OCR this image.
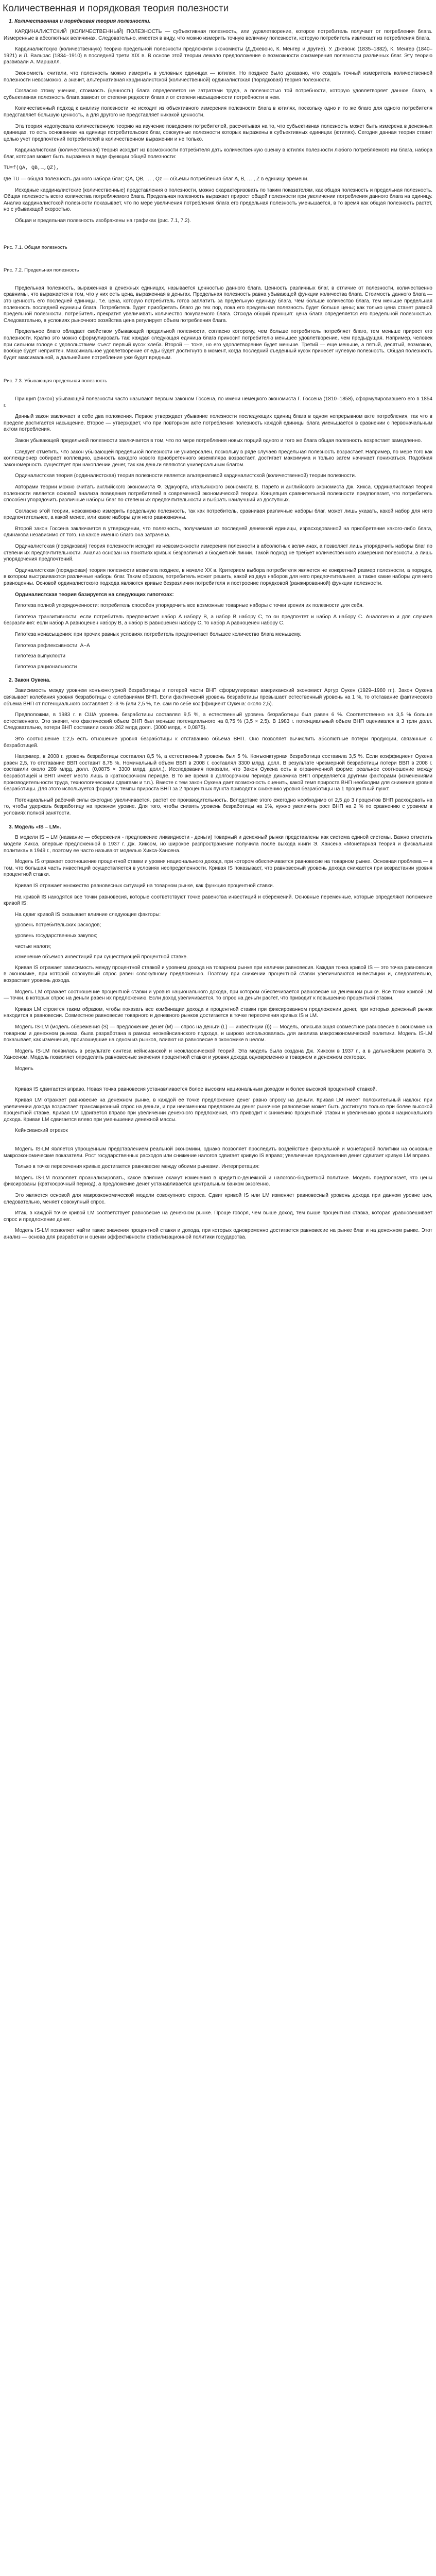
Количественная и порядковая теория полезности
1. Количественная и порядковая теория полезности.

КАРДИНАЛИСТСКИЙ (КОЛИЧЕСТВЕННЫЙ) ПОЛЕЗНОСТЬ — субъективная полезность, или удовлетворение, которое потребитель получает от потребления блага. Измеренные в абсолютных величинах. Следовательно, имеется в виду, что можно измерить точную величину полезности, которую потребитель извлекает из потребления блага.

Кардиналистскую (количественную) теорию предельной полезности предложили экономисты (Д.Джевонс, К. Менгер и другие). У. Джевонс (1835–1882), К. Менгер (1840–1921) и Л. Вальрас (1834–1910) в последней трети XIX в. В основе этой теории лежало предположение о возможности соизмерения полезности различных благ. Эту теорию развивали А. Маршалл.

Экономисты считали, что полезность можно измерить в условных единицах — ютилях. Но позднее было доказано, что создать точный измеритель количественной полезности невозможно, а значит, альтернативная кардиналистской (количественной) ординалистская (порядковая) теория полезности.

Согласно этому учению, стоимость (ценность) блага определяется не затратами труда, а полезностью той потребности, которую удовлетворяет данное благо, а субъективная полезность блага зависит от степени редкости блага и от степени насыщенности потребности в нем.

Количественный подход к анализу полезности не исходит из объективного измерения полезности блага в ютилях, поскольку одно и то же благо для одного потребителя представляет большую ценность, а для другого не представляет никакой ценности.

Эта теория недопускала количественную теорию на изучение поведения потребителей, рассчитывая на то, что субъективная полезность может быть измерена в денежных единицах, то есть основанная на единице потребительских благ, совокупные полезности которых выражены в субъективных единицах (ютилях). Сегодня данная теория ставит целью учет предпочтений потребителей в количественном выражении и не только.

Кардиналистская (количественная) теория исходит из возможности потребителя дать количественную оценку в ютилях полезности любого потребляемого им блага, набора благ, которая может быть выражена в виде функции общей полезности:

TU=f(QA, QB,…,QZ),

где TU — общая полезность данного набора благ; QA, QB, … , Qz — объемы потребления благ A, B, … , Z в единицу времени.

Исходные кардиналистские (количественные) представления о полезности, можно охарактеризовать по таким показателям, как общая полезность и предельная полезность. Общая полезность всего количества потребляемого блага. Предельная полезность выражает прирост общей полезности при увеличении потребления данного блага на единицу. Анализ кардиналистской полезности показывает, что по мере увеличения потребления блага его предельная полезность уменьшается, в то время как общая полезность растет, но с убывающей скоростью.

Общая и предельная полезность изображены на графиках (рис. 7.1, 7.2).

Рис. 7.1. Общая полезность
Рис. 7.2. Предельная полезность

Предельная полезность, выраженная в денежных единицах, называется ценностью данного блага. Ценность различных благ, в отличие от полезности, количественно сравнимы, что выражается в том, что у них есть цена, выраженная в деньгах. Предельная полезность равна убывающей функции количества блага. Стоимость данного блага — это ценность его последней единицы, т.е. цена, которую потребитель готов заплатить за предельную единицу блага. Чем больше количество блага, тем меньше предельная полезность последней единицы блага. Потребитель будет приобретать благо до тех пор, пока его предельная полезность будет больше цены; как только цена станет равной предельной полезности, потребитель прекратит увеличивать количество покупаемого блага. Отсюда общий принцип: цена блага определяется его предельной полезностью. Следовательно, в условиях рыночного хозяйства цена регулирует объем потребления блага.

Предельное благо обладает свойством убывающей предельной полезности, согласно которому, чем больше потребитель потребляет благо, тем меньше прирост его полезности. Кратко это можно сформулировать так: каждая следующая единица блага приносит потребителю меньшее удовлетворение, чем предыдущая. Например, человек при сильном голоде с удовольствием съест первый кусок хлеба. Второй — тоже, но его удовлетворение будет меньше. Третий — еще меньше, а пятый, десятый, возможно, вообще будет неприятен. Максимальное удовлетворение от еды будет достигнуто в момент, когда последний съеденный кусок принесет нулевую полезность. Общая полезность будет максимальной, а дальнейшее потребление уже будет вредным.

Рис. 7.3. Убывающая предельная полезность

Принцип (закон) убывающей полезности часто называют первым законом Госсена, по имени немецкого экономиста Г. Госсена (1810–1858), сформулировавшего его в 1854 г.

Данный закон заключает в себе два положения. Первое утверждает убывание полезности последующих единиц блага в одном непрерывном акте потребления, так что в пределе достигается насыщение. Второе — утверждает, что при повторном акте потребления полезность каждой единицы блага уменьшается в сравнении с первоначальным актом потребления.

Закон убывающей предельной полезности заключается в том, что по мере потребления новых порций одного и того же блага общая полезность возрастает замедленно.

Следует отметить, что закон убывающей предельной полезности не универсален, поскольку в ряде случаев предельная полезность возрастает. Например, по мере того как коллекционер собирает коллекцию, ценность каждого нового приобретенного экземпляра возрастает, достигает максимума и только затем начинает понижаться. Подобная закономерность существует при накоплении денег, так как деньги являются универсальным благом.

Ординалистская теория (ординалистская) теория полезности является альтернативой кардиналистской (количественной) теории полезности.

Авторами теории можно считать английского экономиста Ф. Эджуорта, итальянского экономиста В. Парето и английского экономиста Дж. Хикса. Ординалистская теория полезности является основой анализа поведения потребителей в современной экономической теории. Концепция сравнительной полезности предполагает, что потребитель способен упорядочить различные наборы благ по степени их предпочтительности и выбрать наилучший из доступных.

Согласно этой теории, невозможно измерить предельную полезность, так как потребитель, сравнивая различные наборы благ, может лишь указать, какой набор для него предпочтительнее, а какой менее, или какие наборы для него равнозначны.

Второй закон Госсена заключается в утверждении, что полезность, получаемая из последней денежной единицы, израсходованной на приобретение какого-либо блага, одинакова независимо от того, на какое именно благо она затрачена.

Ординалистская (порядковая) теория полезности исходит из невозможности измерения полезности в абсолютных величинах, а позволяет лишь упорядочить наборы благ по степени их предпочтительности. Анализ основан на понятиях кривых безразличия и бюджетной линии. Такой подход не требует количественного измерения полезности, а лишь упорядочения предпочтений.

Ординалистская (порядковая) теория полезности возникла позднее, в начале XX в. Критерием выбора потребителя является не конкретный размер полезности, а порядок, в котором выстраиваются различные наборы благ. Таким образом, потребитель может решить, какой из двух наборов для него предпочтительнее, а также какие наборы для него равноценны. Основой ординалистского подхода являются кривые безразличия потребителя и построение порядковой (ранжированной) функции полезности.

Ординалистская теория базируется на следующих гипотезах:

Гипотеза полной упорядоченности: потребитель способен упорядочить все возможные товарные наборы с точки зрения их полезности для себя.

Гипотеза транзитивности: если потребитель предпочитает набор A набору B, а набор B набору C, то он предпочтет и набор A набору C. Аналогично и для случаев безразличия: если набор A равноценен набору B, а набор B равноценен набору C, то набор A равноценен набору C.

Гипотеза ненасыщения: при прочих равных условиях потребитель предпочитает большее количество блага меньшему.

Гипотеза рефлексивности: A~A
Гипотеза выпуклости
Гипотеза рациональности
2. Закон Оукена.

Зависимость между уровнем конъюнктурной безработицы и потерей части ВНП сформулировал американский экономист Артур Оукен (1929–1980 гг.). Закон Оукена связывает колебания уровня безработицы с колебаниями ВНП. Если фактический уровень безработицы превышает естественный уровень на 1 %, то отставание фактического объема ВНП от потенциального составляет 2–3 % (или 2,5 %, т.е. сам по себе коэффициент Оукена: около 2,5).

Предположим, в 1983 г. в США уровень безработицы составлял 9,5 %, а естественный уровень безработицы был равен 6 %. Соответственно на 3,5 % больше естественного. Это значит, что фактический объем ВНП был меньше потенциального на 8,75 % (3,5 × 2,5). В 1983 г. потенциальный объем ВНП оценивался в 3 трлн долл. Следовательно, потери ВНП составили около 262 млрд долл. (3000 млрд. × 0,0875).

Это соотношение 1:2,5 есть отношение уровня безработицы к отставанию объема ВНП. Оно позволяет вычислить абсолютные потери продукции, связанные с безработицей.

Например, в 2008 г. уровень безработицы составлял 8,5 %, а естественный уровень был 5 %. Конъюнктурная безработица составила 3,5 %. Если коэффициент Оукена равен 2,5, то отставание ВВП составит 8,75 %. Номинальный объем ВВП в 2008 г. составлял 3300 млрд. долл. В результате чрезмерной безработицы потери ВВП в 2008 г. составили около 289 млрд. долл. (0,0875 × 3300 млрд. долл.). Исследования показали, что Закон Оукена есть в ограниченной форме: реальное соотношение между безработицей и ВНП имеет место лишь в краткосрочном периоде. В то же время в долгосрочном периоде динамика ВНП определяется другими факторами (изменениями производительности труда, технологическими сдвигами и т.п.). Вместе с тем закон Оукена дает возможность оценить, какой темп прироста ВНП необходим для снижения уровня безработицы. Для этого используется формула: темпы прироста ВНП за 2 процентных пункта приводят к снижению уровня безработицы на 1 процентный пункт.

Потенциальный рабочий силы ежегодно увеличивается, растет ее производительность. Вследствие этого ежегодно необходимо от 2,5 до 3 процентов ВНП расходовать на то, чтобы удержать безработицу на прежнем уровне. Для того, чтобы снизить уровень безработицы на 1%, нужно увеличить рост ВНП на 2 % по сравнению с уровнем в условиях полной занятости.

3. Модель «IS – LM».

В модели IS – LM (название — сбережения - предложение ликвидности - деньги) товарный и денежный рынки представлены как система единой системы. Важно отметить модели Хикса, впервые предложенной в 1937 г. Дж. Хиксом, но широкое распространение получила после выхода книги Э. Хансена «Монетарная теория и фискальная политика» в 1949 г., поэтому ее часто называют моделью Хикса-Хансена.

Модель IS отражает соотношение процентной ставки и уровня национального дохода, при котором обеспечивается равновесие на товарном рынке. Основная проблема — в том, что большая часть инвестиций осуществляется в условиях неопределенности. Кривая IS показывает, что равновесный уровень дохода снижается при возрастании уровня процентной ставки.

Кривая IS отражает множество равновесных ситуаций на товарном рынке, как функцию процентной ставки.

На кривой IS находятся все точки равновесия, которые соответствуют точке равенства инвестиций и сбережений. Основные переменные, которые определяют положение кривой IS:

На сдвиг кривой IS оказывает влияние следующие факторы:
уровень потребительских расходов;
уровень государственных закупок;
чистые налоги;
изменение объемов инвестиций при существующей процентной ставке.

Кривая IS отражает зависимость между процентной ставкой и уровнем дохода на товарном рынке при наличии равновесия. Каждая точка кривой IS — это точка равновесия в экономике, при которой совокупный спрос равен совокупному предложению. Поэтому при снижении процентной ставки увеличиваются инвестиции и, следовательно, возрастает уровень дохода.

Модель LM отражает соотношение процентной ставки и уровня национального дохода, при котором обеспечивается равновесие на денежном рынке. Все точки кривой LM — точки, в которых спрос на деньги равен их предложению. Если доход увеличивается, то спрос на деньги растет, что приводит к повышению процентной ставки.

Кривая LM строится таким образом, чтобы показать все комбинации дохода и процентной ставки при фиксированном предложении денег, при которых денежный рынок находится в равновесии. Совместное равновесие товарного и денежного рынков достигается в точке пересечения кривых IS и LM.

Модель IS-LM (модель сбережения (S) — предложение денег (M) — спрос на деньги (L) — инвестиции (I)) — Модель, описывающая совместное равновесие в экономике на товарном и денежном рынках, была разработана в рамках неокейнсианского подхода, и широко использовалась для анализа макроэкономической политики. Модель IS-LM показывает, как изменения, произошедшие на одном из рынков, влияют на равновесие в экономике в целом.

Модель IS-LM появилась в результате синтеза кейнсианской и неоклассической теорий. Эта модель была создана Дж. Хиксом в 1937 г., а в дальнейшем развита Э. Хансеном. Модель позволяет определить равновесные значения процентной ставки и уровня дохода одновременно в товарном и денежном секторах.

Модель

Кривая IS сдвигается вправо. Новая точка равновесия устанавливается более высоким национальным доходом и более высокой процентной ставкой.

Кривая LM отражает равновесие на денежном рынке, в каждой её точке предложение денег равно спросу на деньги. Кривая LM имеет положительный наклон: при увеличении дохода возрастает трансакционный спрос на деньги, и при неизменном предложении денег рыночное равновесие может быть достигнуто только при более высокой процентной ставке. Кривая LM сдвигается вправо при увеличении денежного предложения, что приводит к снижению процентной ставки и увеличению уровня национального дохода. Кривая LM сдвигается влево при уменьшении денежной массы.

Кейнсианский отрезок

Модель IS-LM является упрощенным представлением реальной экономики, однако позволяет проследить воздействие фискальной и монетарной политики на основные макроэкономические показатели. Рост государственных расходов или снижение налогов сдвигает кривую IS вправо; увеличение предложения денег сдвигает кривую LM вправо.

Только в точке пересечения кривых достигается равновесие между обоими рынками. Интерпретация:

Модель IS-LM позволяет проанализировать, какое влияние окажут изменения в кредитно-денежной и налогово-бюджетной политике. Модель предполагает, что цены фиксированы (краткосрочный период), а предложение денег устанавливается центральным банком экзогенно.

Это является основой для макроэкономической модели совокупного спроса. Сдвиг кривой IS или LM изменяет равновесный уровень дохода при данном уровне цен, следовательно, меняет совокупный спрос.

Итак, в каждой точке кривой LM соответствует равновесие на денежном рынке. Проще говоря, чем выше доход, тем выше процентная ставка, которая уравновешивает спрос и предложение денег.

Модель IS-LM позволяет найти такие значения процентной ставки и дохода, при которых одновременно достигается равновесие на рынке благ и на денежном рынке. Этот анализ — основа для разработки и оценки эффективности стабилизационной политики государства.
